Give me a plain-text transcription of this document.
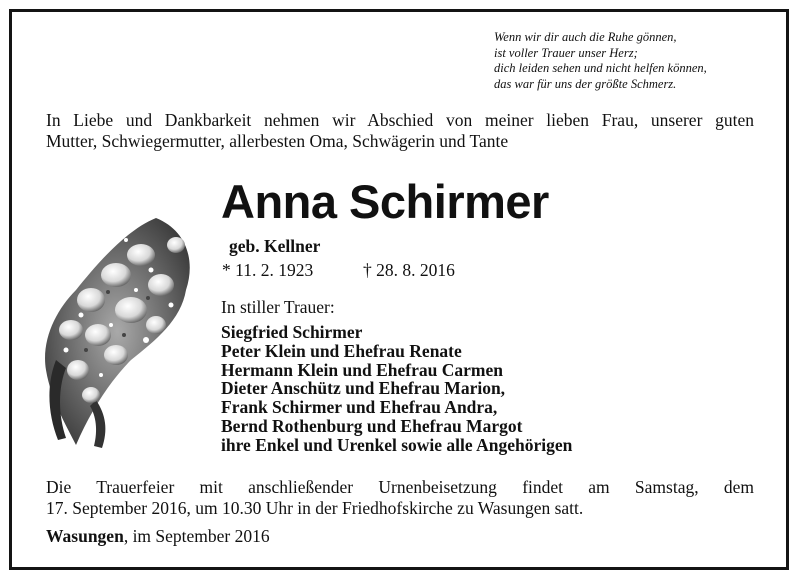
Wenn wir dir auch die Ruhe gönnen,
ist voller Trauer unser Herz;
dich leiden sehen und nicht helfen können,
das war für uns der größte Schmerz.
In Liebe und Dankbarkeit nehmen wir Abschied von meiner lieben Frau, unserer guten
Mutter, Schwiegermutter, allerbesten Oma, Schwägerin und Tante
Anna Schirmer
geb. Kellner
* 11. 2. 1923	† 28. 8. 2016
In stiller Trauer:
Siegfried Schirmer
Peter Klein und Ehefrau Renate
Hermann Klein und Ehefrau Carmen
Dieter Anschütz und Ehefrau Marion,
Frank Schirmer und Ehefrau Andra,
Bernd Rothenburg und Ehefrau Margot
ihre Enkel und Urenkel sowie alle Angehörigen
Die Trauerfeier mit anschließender Urnenbeisetzung findet am Samstag, dem
17. September 2016, um 10.30 Uhr in der Friedhofskirche zu Wasungen satt.
Wasungen, im September 2016
